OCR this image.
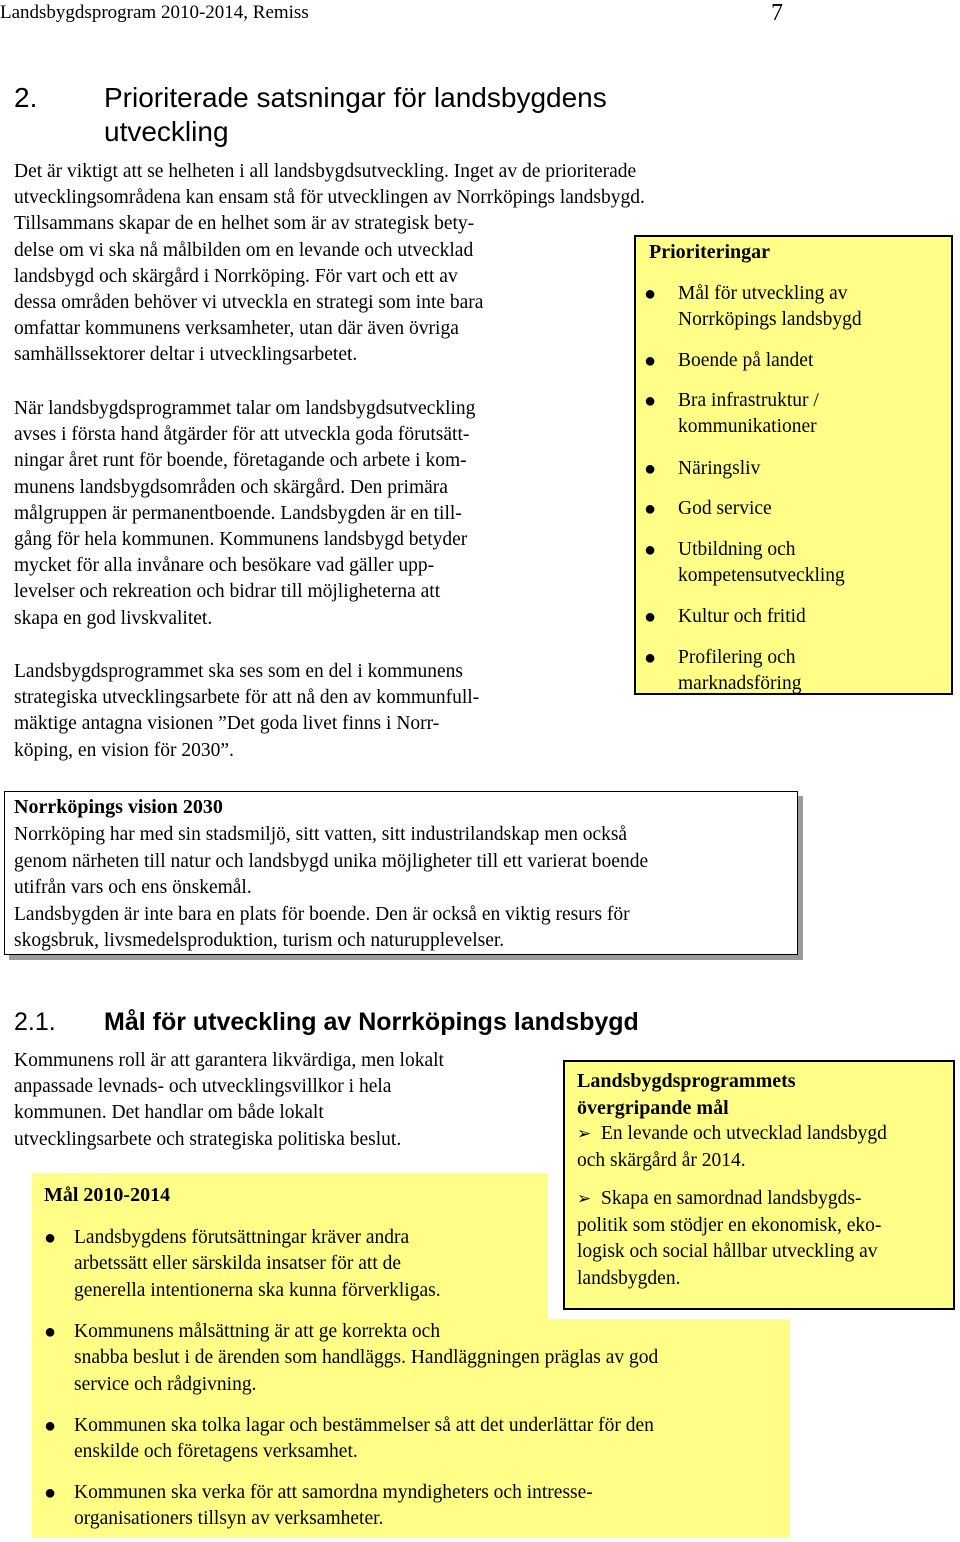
Landsbygdsprogram 2010-2014, Remiss	7
2. Prioriterade satsningar för landsbygdens utveckling
Det är viktigt att se helheten i all landsbygdsutveckling. Inget av de prioriterade
utvecklingsområdena kan ensam stå för utvecklingen av Norrköpings landsbygd.
Tillsammans skapar de en helhet som är av strategisk bety-
delse om vi ska nå målbilden om en levande och utvecklad
landsbygd och skärgård i Norrköping. För vart och ett av
dessa områden behöver vi utveckla en strategi som inte bara
omfattar kommunens verksamheter, utan där även övriga
samhällssektorer deltar i utvecklingsarbetet.
När landsbygdsprogrammet talar om landsbygdsutveckling
avses i första hand åtgärder för att utveckla goda förutsätt-
ningar året runt för boende, företagande och arbete i kom-
munens landsbygdsområden och skärgård. Den primära
målgruppen är permanentboende. Landsbygden är en till-
gång för hela kommunen. Kommunens landsbygd betyder
mycket för alla invånare och besökare vad gäller upp-
levelser och rekreation och bidrar till möjligheterna att
skapa en god livskvalitet.
Landsbygdsprogrammet ska ses som en del i kommunens
strategiska utvecklingsarbete för att nå den av kommunfull-
mäktige antagna visionen ”Det goda livet finns i Norr-
köping, en vision för 2030”.
Prioriteringar
● Mål för utveckling av
Norrköpings landsbygd
● Boende på landet
● Bra infrastruktur /
kommunikationer
● Näringsliv
● God service
● Utbildning och
kompetensutveckling
● Kultur och fritid
● Profilering och
marknadsföring
Norrköpings vision 2030
Norrköping har med sin stadsmiljö, sitt vatten, sitt industrilandskap men också
genom närheten till natur och landsbygd unika möjligheter till ett varierat boende
utifrån vars och ens önskemål.
Landsbygden är inte bara en plats för boende. Den är också en viktig resurs för
skogsbruk, livsmedelsproduktion, turism och naturupplevelser.
2.1. Mål för utveckling av Norrköpings landsbygd
Kommunens roll är att garantera likvärdiga, men lokalt
anpassade levnads- och utvecklingsvillkor i hela
kommunen. Det handlar om både lokalt
utvecklingsarbete och strategiska politiska beslut.
Mål 2010-2014
● Landsbygdens förutsättningar kräver andra
arbetssätt eller särskilda insatser för att de
generella intentionerna ska kunna förverkligas.
● Kommunens målsättning är att ge korrekta och
snabba beslut i de ärenden som handläggs. Handläggningen präglas av god
service och rådgivning.
● Kommunen ska tolka lagar och bestämmelser så att det underlättar för den
enskilde och företagens verksamhet.
● Kommunen ska verka för att samordna myndigheters och intresse-
organisationers tillsyn av verksamheter.
Landsbygdsprogrammets
övergripande mål
➢ En levande och utvecklad landsbygd
och skärgård år 2014.
➢ Skapa en samordnad landsbygds-
politik som stödjer en ekonomisk, eko-
logisk och social hållbar utveckling av
landsbygden.
